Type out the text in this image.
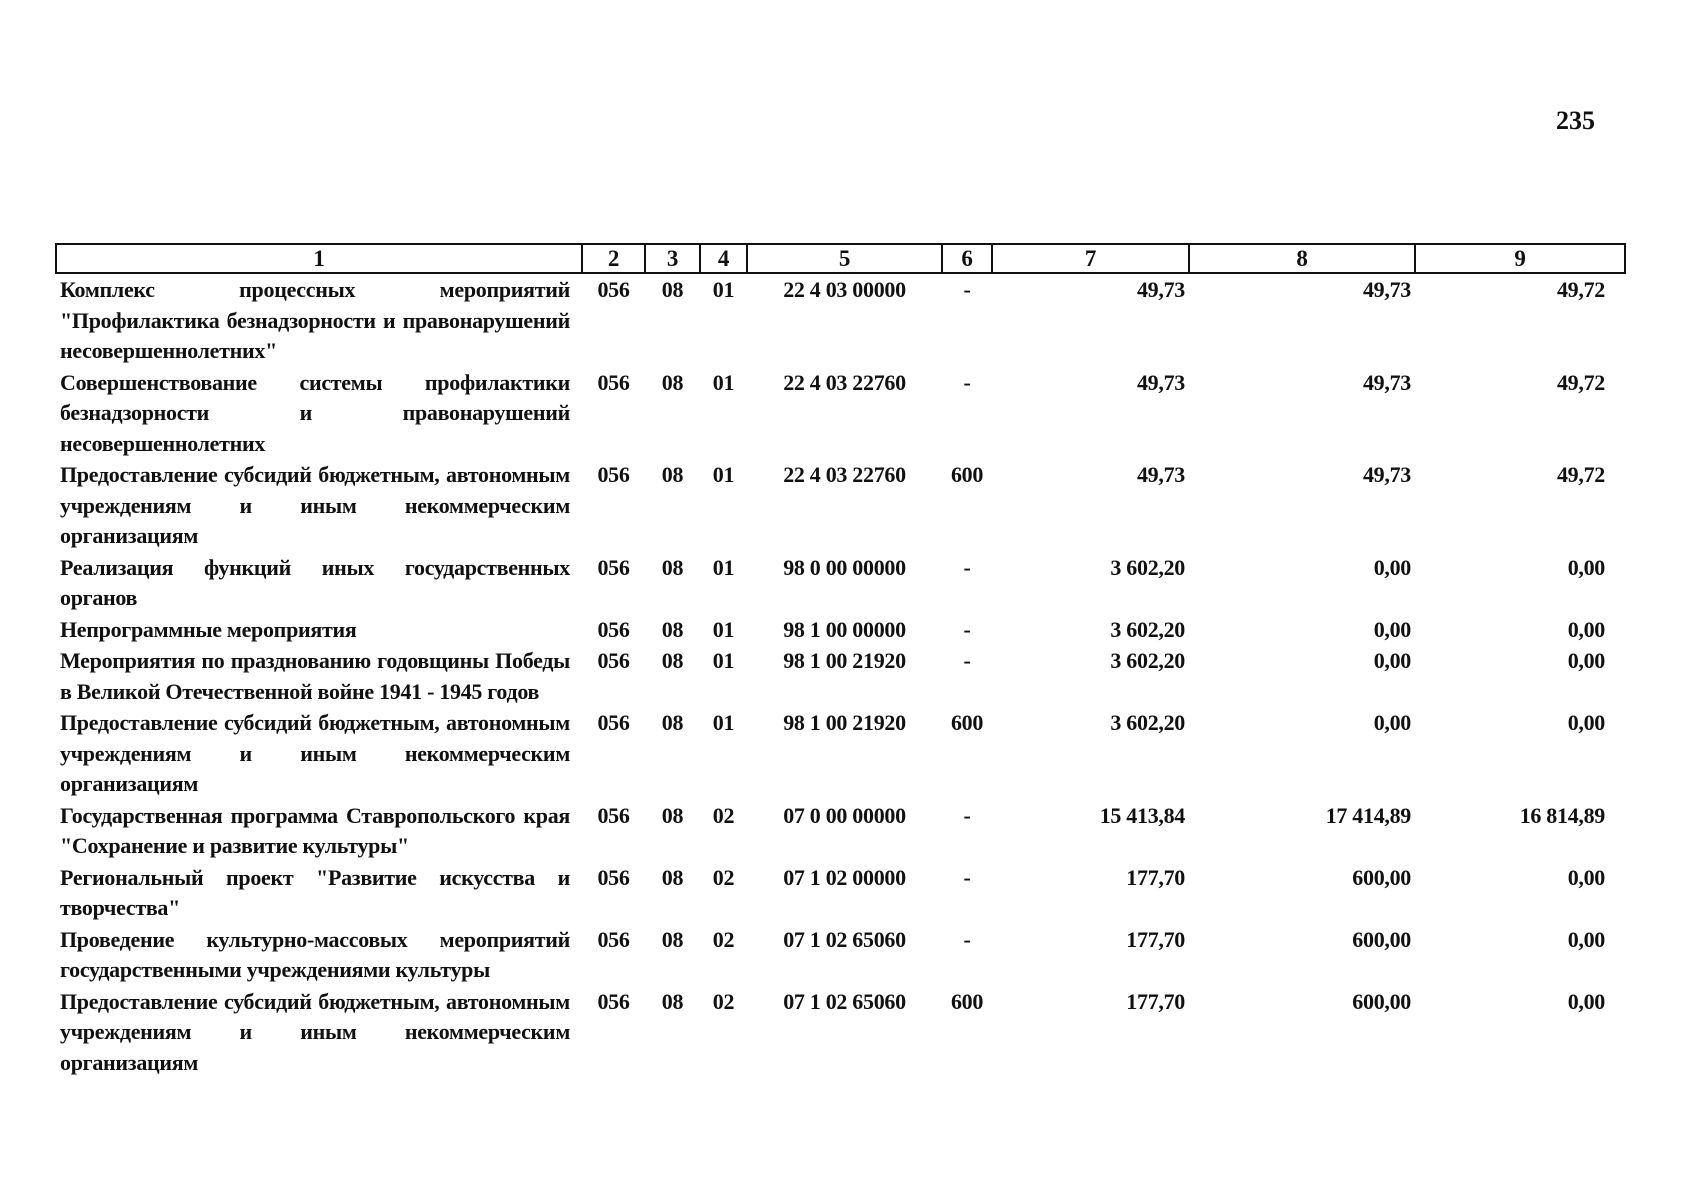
235
1	2	3	4	5	6	7	8	9
Комплекс процессных мероприятий "Профилактика безнадзорности и правонарушений несовершеннолетних"	056	08	01	22 4 03 00000	-	49,73	49,73	49,72
Совершенствование системы профилактики безнадзорности и правонарушений несовершеннолетних	056	08	01	22 4 03 22760	-	49,73	49,73	49,72
Предоставление субсидий бюджетным, автономным учреждениям и иным некоммерческим организациям	056	08	01	22 4 03 22760	600	49,73	49,73	49,72
Реализация функций иных государственных органов	056	08	01	98 0 00 00000	-	3 602,20	0,00	0,00
Непрограммные мероприятия	056	08	01	98 1 00 00000	-	3 602,20	0,00	0,00
Мероприятия по празднованию годовщины Победы в Великой Отечественной войне 1941 - 1945 годов	056	08	01	98 1 00 21920	-	3 602,20	0,00	0,00
Предоставление субсидий бюджетным, автономным учреждениям и иным некоммерческим организациям	056	08	01	98 1 00 21920	600	3 602,20	0,00	0,00
Государственная программа Ставропольского края "Сохранение и развитие культуры"	056	08	02	07 0 00 00000	-	15 413,84	17 414,89	16 814,89
Региональный проект "Развитие искусства и творчества"	056	08	02	07 1 02 00000	-	177,70	600,00	0,00
Проведение культурно-массовых мероприятий государственными учреждениями культуры	056	08	02	07 1 02 65060	-	177,70	600,00	0,00
Предоставление субсидий бюджетным, автономным учреждениям и иным некоммерческим организациям	056	08	02	07 1 02 65060	600	177,70	600,00	0,00
